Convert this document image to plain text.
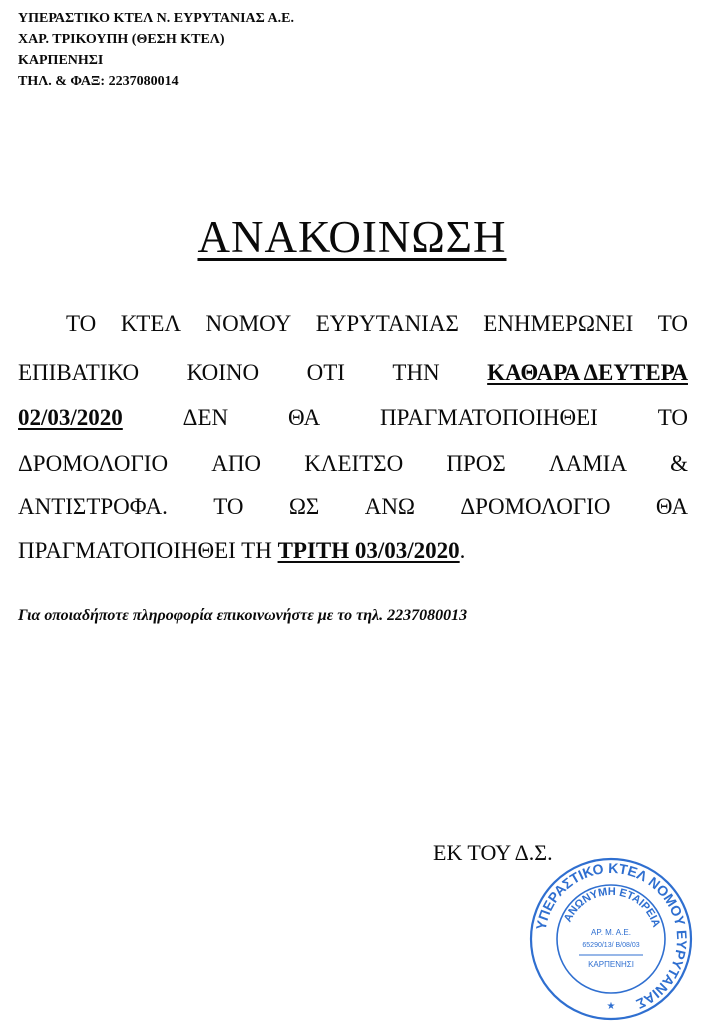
ΥΠΕΡΑΣΤΙΚΟ ΚΤΕΛ Ν. ΕΥΡΥΤΑΝΙΑΣ Α.Ε.
ΧΑΡ. ΤΡΙΚΟΥΠΗ (ΘΕΣΗ ΚΤΕΛ)
ΚΑΡΠΕΝΗΣΙ
ΤΗΛ. & ΦΑΞ: 2237080014
ΑΝΑΚΟΙΝΩΣΗ
ΤΟ ΚΤΕΛ ΝΟΜΟΥ ΕΥΡΥΤΑΝΙΑΣ ΕΝΗΜΕΡΩΝΕΙ ΤΟ
ΕΠΙΒΑΤΙΚΟ ΚΟΙΝΟ ΟΤΙ ΤΗΝ ΚΑΘΑΡΑ ΔΕΥΤΕΡΑ
02/03/2020	ΔΕΝ	ΘΑ	ΠΡΑΓΜΑΤΟΠΟΙΗΘΕΙ	ΤΟ
ΔΡΟΜΟΛΟΓΙΟ ΑΠΟ ΚΛΕΙΤΣΟ ΠΡΟΣ ΛΑΜΙΑ &
ΑΝΤΙΣΤΡΟΦΑ. ΤΟ ΩΣ ΑΝΩ ΔΡΟΜΟΛΟΓΙΟ ΘΑ
ΠΡΑΓΜΑΤΟΠΟΙΗΘΕΙ ΤΗ ΤΡΙΤΗ 03/03/2020.
Για οποιαδήποτε πληροφορία επικοινωνήστε με το τηλ. 2237080013
ΕΚ ΤΟΥ Δ.Σ.
ΥΠΕΡΑΣΤΙΚΟ ΚΤΕΛ ΝΟΜΟΥ ΕΥΡΥΤΑΝΙΑΣ
ΑΝΩΝΥΜΗ ΕΤΑΙΡΕΙΑ
ΑΡ. Μ. Α.Ε.
65290/13/ Β/08/03
ΚΑΡΠΕΝΗΣΙ
★
